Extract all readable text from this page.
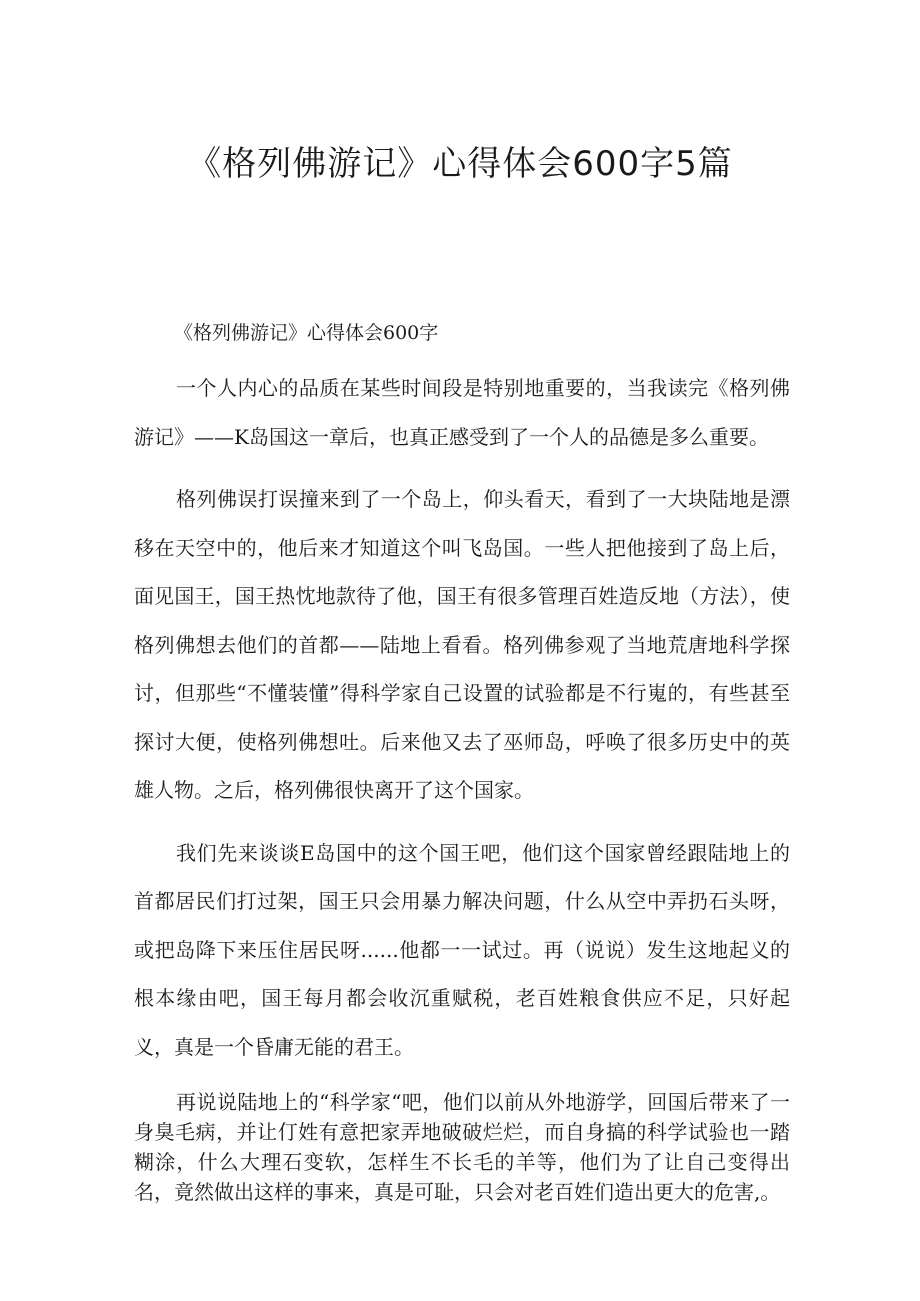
《格列佛游记》心得体会600字5篇

《格列佛游记》心得体会600字

一个人内心的品质在某些时间段是特别地重要的，当我读完《格列佛游记》——K岛国这一章后，也真正感受到了一个人的品德是多么重要。

格列佛误打误撞来到了一个岛上，仰头看天，看到了一大块陆地是漂移在天空中的，他后来才知道这个叫飞岛国。一些人把他接到了岛上后，面见国王，国王热忱地款待了他，国王有很多管理百姓造反地（方法），使格列佛想去他们的首都——陆地上看看。格列佛参观了当地荒唐地科学探讨，但那些“不懂装懂”得科学家自己设置的试验都是不行嵬的，有些甚至探讨大便，使格列佛想吐。后来他又去了巫师岛，呼唤了很多历史中的英雄人物。之后，格列佛很快离开了这个国家。

我们先来谈谈E岛国中的这个国王吧，他们这个国家曾经跟陆地上的首都居民们打过架，国王只会用暴力解决问题，什么从空中弄扔石头呀，或把岛降下来压住居民呀......他都一一试过。再（说说）发生这地起义的根本缘由吧，国王每月都会收沉重赋税，老百姓粮食供应不足，只好起义，真是一个昏庸无能的君王。

再说说陆地上的“科学家“吧，他们以前从外地游学，回国后带来了一身臭毛病，并让仃姓有意把家弄地破破烂烂，而自身搞的科学试验也一踏糊涂，什么大理石变软，怎样生不长毛的羊等，他们为了让自己变得出名，竟然做出这样的事来，真是可耻，只会对老百姓们造出更大的危害,。
